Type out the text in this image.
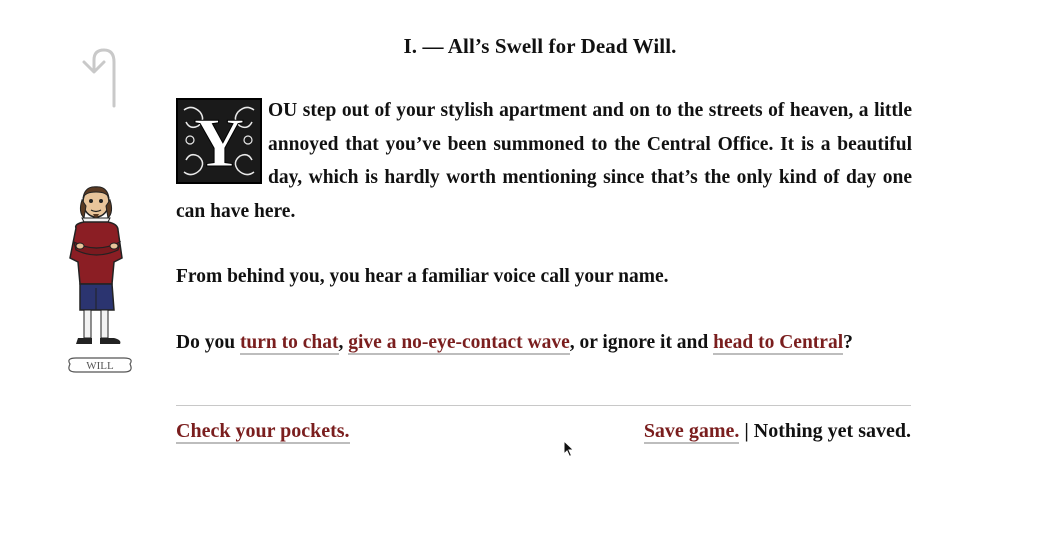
I. — All’s Swell for Dead Will.
WILL
Y	OU step out of your stylish apartment and on to the streets of heaven, a little annoyed that you’ve been summoned to the Central Office. It is a beautiful day, which is hardly worth mentioning since that’s the only kind of day one can have here.

From behind you, you hear a familiar voice call your name.

Do you turn to chat, give a no-eye-contact wave, or ignore it and head to Central?

Check your pockets.	Save game. | Nothing yet saved.
